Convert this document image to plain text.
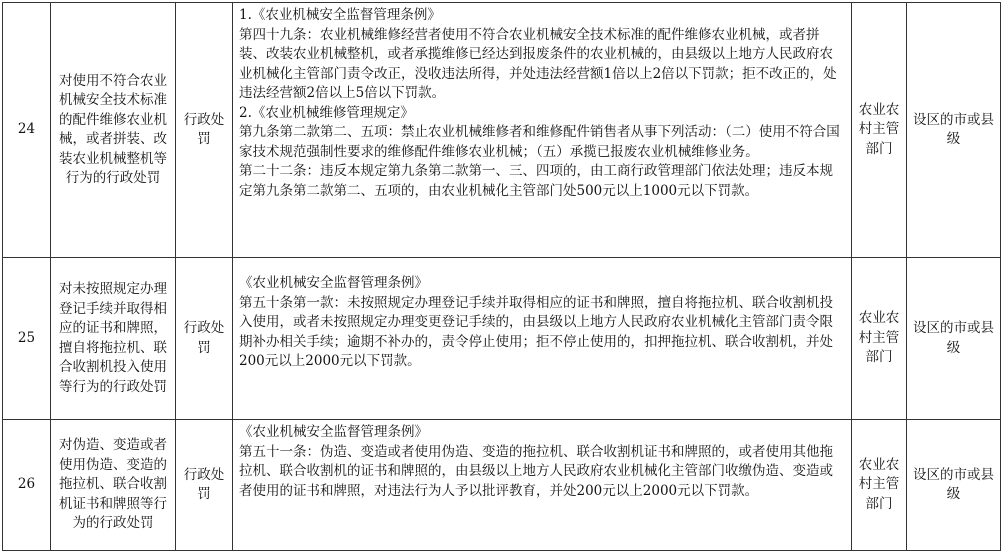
24	对使用不符合农业机械安全技术标准的配件维修农业机械，或者拼装、改装农业机械整机等行为的行政处罚	行政处罚	1.《农业机械安全监督管理条例》
第四十九条：农业机械维修经营者使用不符合农业机械安全技术标准的配件维修农业机械，或者拼装、改装农业机械整机，或者承揽维修已经达到报废条件的农业机械的，由县级以上地方人民政府农业机械化主管部门责令改正，没收违法所得，并处违法经营额1倍以上2倍以下罚款；拒不改正的，处违法经营额2倍以上5倍以下罚款。
2.《农业机械维修管理规定》
第九条第二款第二、五项：禁止农业机械维修者和维修配件销售者从事下列活动：（二）使用不符合国家技术规范强制性要求的维修配件维修农业机械；（五）承揽已报废农业机械维修业务。
第二十二条：违反本规定第九条第二款第一、三、四项的，由工商行政管理部门依法处理；违反本规定第九条第二款第二、五项的，由农业机械化主管部门处500元以上1000元以下罚款。	农业农村主管部门	设区的市或县级
25	对未按照规定办理登记手续并取得相应的证书和牌照，擅自将拖拉机、联合收割机投入使用等行为的行政处罚	行政处罚	《农业机械安全监督管理条例》
第五十条第一款：未按照规定办理登记手续并取得相应的证书和牌照，擅自将拖拉机、联合收割机投入使用，或者未按照规定办理变更登记手续的，由县级以上地方人民政府农业机械化主管部门责令限期补办相关手续；逾期不补办的，责令停止使用；拒不停止使用的，扣押拖拉机、联合收割机，并处200元以上2000元以下罚款。	农业农村主管部门	设区的市或县级
26	对伪造、变造或者使用伪造、变造的拖拉机、联合收割机证书和牌照等行为的行政处罚	行政处罚	《农业机械安全监督管理条例》
第五十一条：伪造、变造或者使用伪造、变造的拖拉机、联合收割机证书和牌照的，或者使用其他拖拉机、联合收割机的证书和牌照的，由县级以上地方人民政府农业机械化主管部门收缴伪造、变造或者使用的证书和牌照，对违法行为人予以批评教育，并处200元以上2000元以下罚款。	农业农村主管部门	设区的市或县级
